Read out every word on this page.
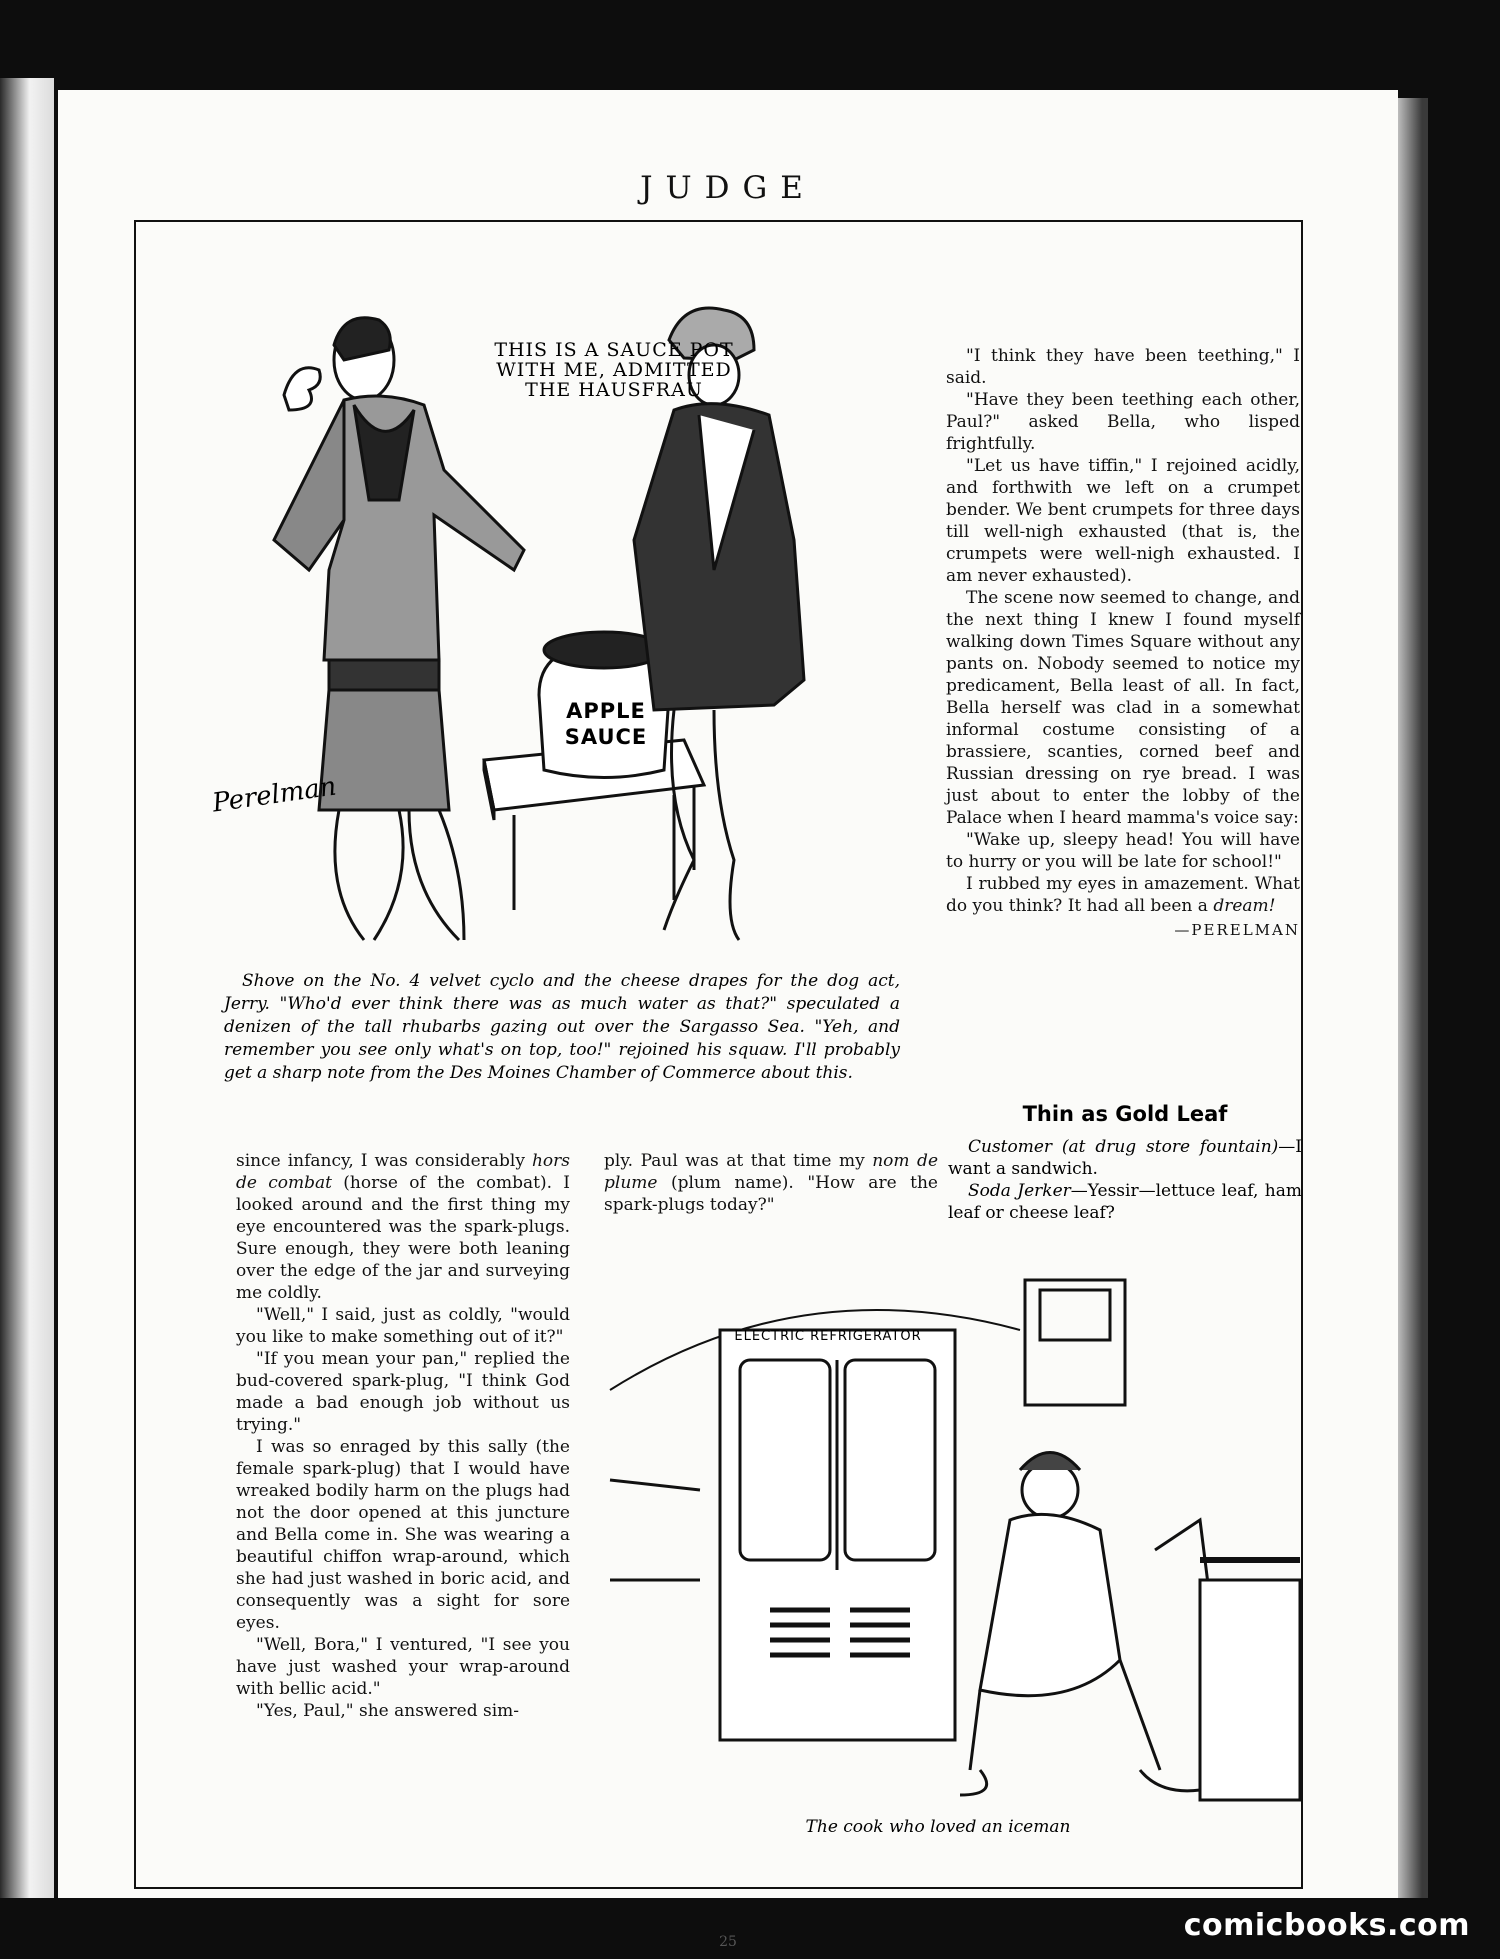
JUDGE
THIS IS A SAUCE POT
WITH ME, ADMITTED
THE HAUSFRAU
APPLE
SAUCE
Perelman

Shove on the No. 4 velvet cyclo and the cheese drapes for the dog act, Jerry. "Who'd ever think there was as much water as that?" speculated a denizen of the tall rhubarbs gazing out over the Sargasso Sea. "Yeh, and remember you see only what's on top, too!" rejoined his squaw. I'll probably get a sharp note from the Des Moines Chamber of Commerce about this.

"I think they have been teething," I said.

"Have they been teething each other, Paul?" asked Bella, who lisped frightfully.

"Let us have tiffin," I rejoined acidly, and forthwith we left on a crumpet bender. We bent crumpets for three days till well-nigh exhausted (that is, the crumpets were well-nigh exhausted. I am never exhausted).

The scene now seemed to change, and the next thing I knew I found myself walking down Times Square without any pants on. Nobody seemed to notice my predicament, Bella least of all. In fact, Bella herself was clad in a somewhat informal costume consisting of a brassiere, scanties, corned beef and Russian dressing on rye bread. I was just about to enter the lobby of the Palace when I heard mamma's voice say:

"Wake up, sleepy head! You will have to hurry or you will be late for school!"

I rubbed my eyes in amazement. What do you think? It had all been a dream!

—PERELMAN
Thin as Gold Leaf

Customer (at drug store fountain)—I want a sandwich.

Soda Jerker—Yessir—lettuce leaf, ham leaf or cheese leaf?

since infancy, I was considerably hors de combat (horse of the combat). I looked around and the first thing my eye encountered was the spark-plugs. Sure enough, they were both leaning over the edge of the jar and surveying me coldly.

"Well," I said, just as coldly, "would you like to make something out of it?"

"If you mean your pan," replied the bud-covered spark-plug, "I think God made a bad enough job without us trying."

I was so enraged by this sally (the female spark-plug) that I would have wreaked bodily harm on the plugs had not the door opened at this juncture and Bella come in. She was wearing a beautiful chiffon wrap-around, which she had just washed in boric acid, and consequently was a sight for sore eyes.

"Well, Bora," I ventured, "I see you have just washed your wrap-around with bellic acid."

"Yes, Paul," she answered sim-

ply. Paul was at that time my nom de plume (plum name). "How are the spark-plugs today?"

ELECTRIC REFRIGERATOR
The cook who loved an iceman
25	comicbooks.com
